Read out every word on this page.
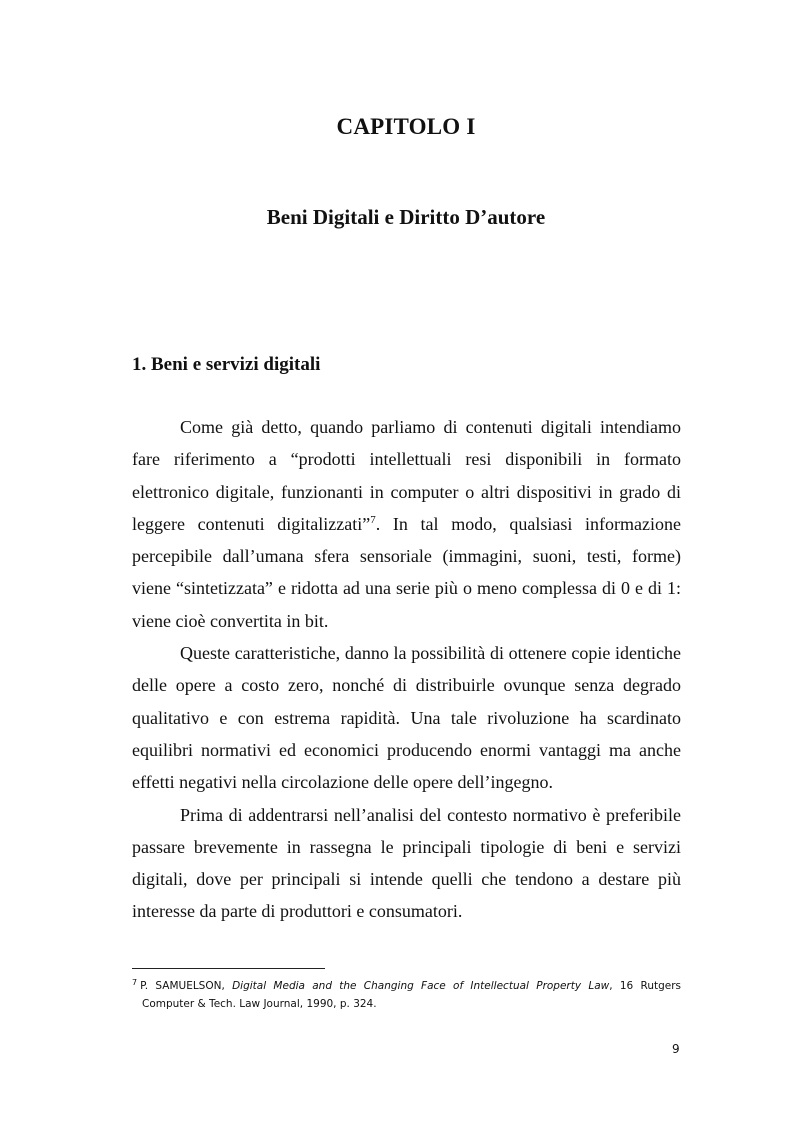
CAPITOLO I
Beni Digitali e Diritto D’autore
1. Beni e servizi digitali

Come già detto, quando parliamo di contenuti digitali intendiamo fare riferimento a “prodotti intellettuali resi disponibili in formato elettronico digitale, funzionanti in computer o altri dispositivi in grado di leggere contenuti digitalizzati”$^7$. In tal modo, qualsiasi informazione percepibile dall’umana sfera sensoriale (immagini, suoni, testi, forme) viene “sintetizzata” e ridotta ad una serie più o meno complessa di 0 e di 1: viene cioè convertita in bit.

Queste caratteristiche, danno la possibilità di ottenere copie identiche delle opere a costo zero, nonché di distribuirle ovunque senza degrado qualitativo e con estrema rapidità. Una tale rivoluzione ha scardinato equilibri normativi ed economici producendo enormi vantaggi ma anche effetti negativi nella circolazione delle opere dell’ingegno.

Prima di addentrarsi nell’analisi del contesto normativo è preferibile passare brevemente in rassegna le principali tipologie di beni e servizi digitali, dove per principali si intende quelli che tendono a destare più interesse da parte di produttori e consumatori.

$^7$ P. SAMUELSON, Digital Media and the Changing Face of Intellectual Property Law, 16 Rutgers Computer & Tech. Law Journal, 1990, p. 324.
9
